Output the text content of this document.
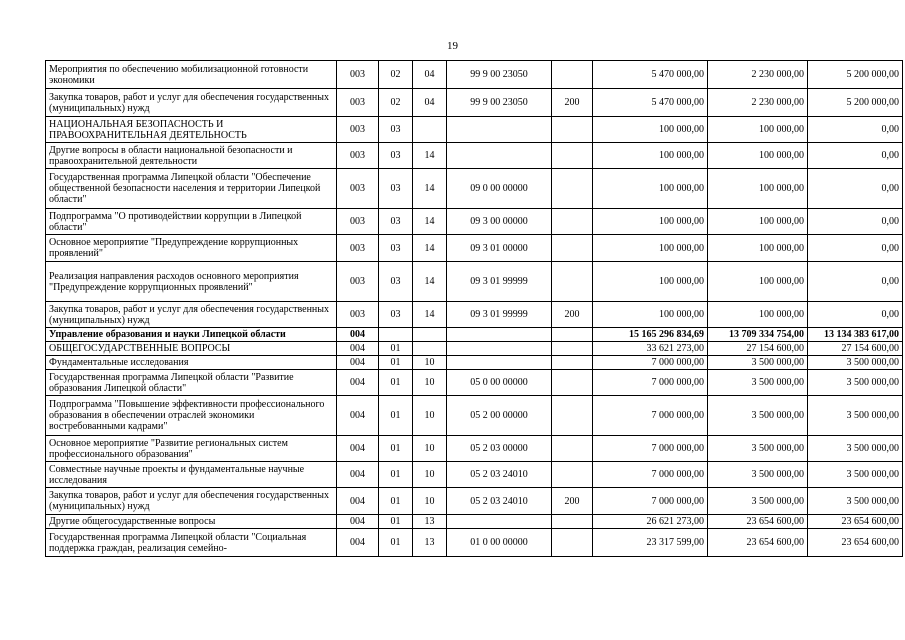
19
Мероприятия по обеспечению мобилизационной готовности экономики	003	02	04	99 9 00 23050		5 470 000,00	2 230 000,00	5 200 000,00
Закупка товаров, работ и услуг для обеспечения государственных (муниципальных) нужд	003	02	04	99 9 00 23050	200	5 470 000,00	2 230 000,00	5 200 000,00
НАЦИОНАЛЬНАЯ БЕЗОПАСНОСТЬ И ПРАВООХРАНИТЕЛЬНАЯ ДЕЯТЕЛЬНОСТЬ	003	03				100 000,00	100 000,00	0,00
Другие вопросы в области национальной безопасности и правоохранительной деятельности	003	03	14			100 000,00	100 000,00	0,00
Государственная программа Липецкой области "Обеспечение общественной безопасности населения и территории Липецкой области"	003	03	14	09 0 00 00000		100 000,00	100 000,00	0,00
Подпрограмма "О противодействии коррупции в Липецкой области"	003	03	14	09 3 00 00000		100 000,00	100 000,00	0,00
Основное мероприятие "Предупреждение коррупционных проявлений"	003	03	14	09 3 01 00000		100 000,00	100 000,00	0,00
Реализация направления расходов основного мероприятия "Предупреждение коррупционных проявлений"	003	03	14	09 3 01 99999		100 000,00	100 000,00	0,00
Закупка товаров, работ и услуг для обеспечения государственных (муниципальных) нужд	003	03	14	09 3 01 99999	200	100 000,00	100 000,00	0,00
Управление образования и науки Липецкой области	004					15 165 296 834,69	13 709 334 754,00	13 134 383 617,00
ОБЩЕГОСУДАРСТВЕННЫЕ ВОПРОСЫ	004	01				33 621 273,00	27 154 600,00	27 154 600,00
Фундаментальные исследования	004	01	10			7 000 000,00	3 500 000,00	3 500 000,00
Государственная программа Липецкой области "Развитие образования Липецкой области"	004	01	10	05 0 00 00000		7 000 000,00	3 500 000,00	3 500 000,00
Подпрограмма "Повышение эффективности профессионального образования в обеспечении отраслей экономики востребованными кадрами"	004	01	10	05 2 00 00000		7 000 000,00	3 500 000,00	3 500 000,00
Основное мероприятие "Развитие региональных систем профессионального образования"	004	01	10	05 2 03 00000		7 000 000,00	3 500 000,00	3 500 000,00
Совместные научные проекты и фундаментальные научные исследования	004	01	10	05 2 03 24010		7 000 000,00	3 500 000,00	3 500 000,00
Закупка товаров, работ и услуг для обеспечения государственных (муниципальных) нужд	004	01	10	05 2 03 24010	200	7 000 000,00	3 500 000,00	3 500 000,00
Другие общегосударственные вопросы	004	01	13			26 621 273,00	23 654 600,00	23 654 600,00
Государственная программа Липецкой области "Социальная поддержка граждан, реализация семейно-	004	01	13	01 0 00 00000		23 317 599,00	23 654 600,00	23 654 600,00
